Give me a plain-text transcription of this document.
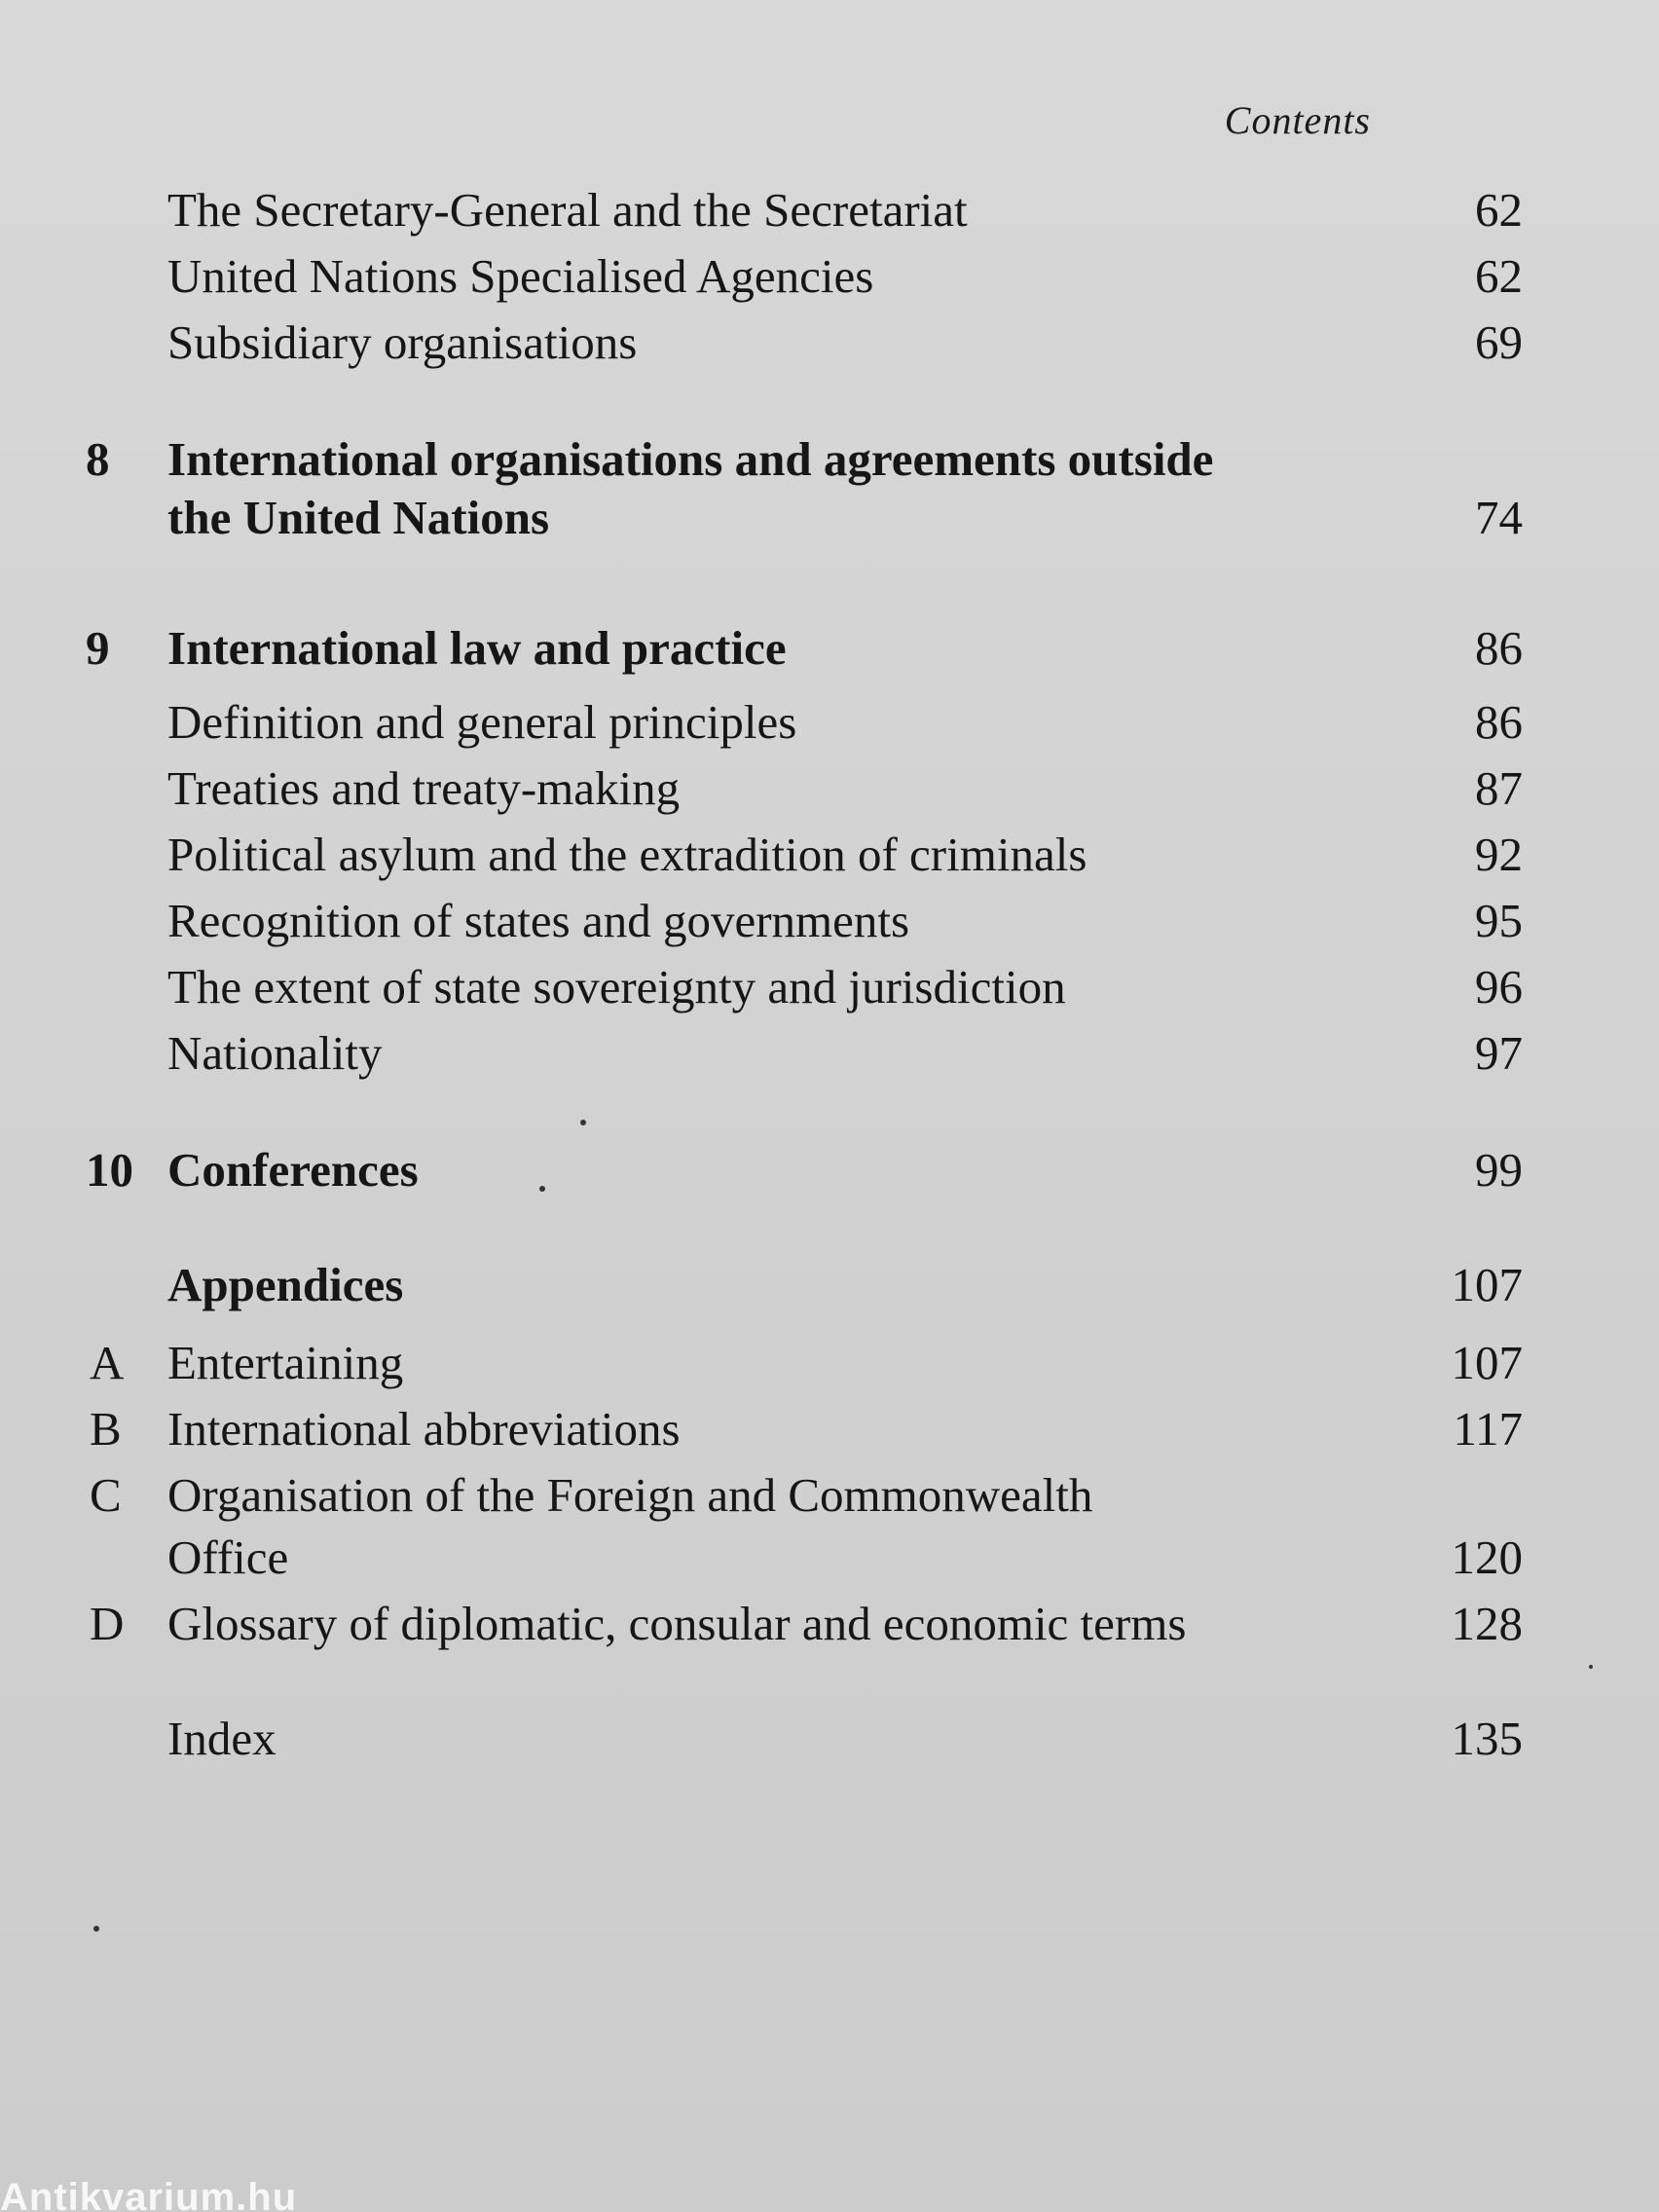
Contents
The Secretary-General and the Secretariat	62
United Nations Specialised Agencies	62
Subsidiary organisations	69
8	International organisations and agreements outside
the United Nations	74
9	International law and practice	86
Definition and general principles	86
Treaties and treaty-making	87
Political asylum and the extradition of criminals	92
Recognition of states and governments	95
The extent of state sovereignty and jurisdiction	96
Nationality	97
10 Conferences	99
Appendices	107
A Entertaining	107
B International abbreviations	117
C Organisation of the Foreign and Commonwealth
Office	120
D Glossary of diplomatic, consular and economic terms	128
Index	135
Antikvarium.hu
